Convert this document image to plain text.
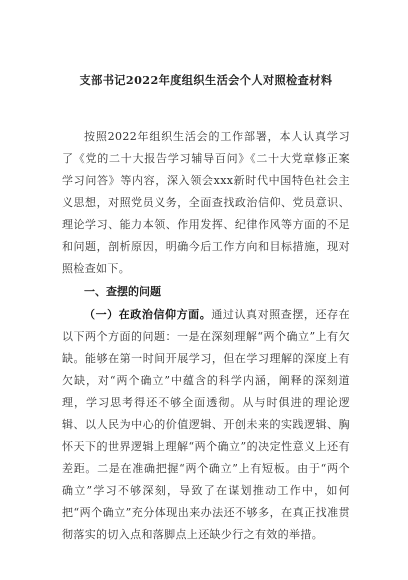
支部书记2022年度组织生活会个人对照检查材料

按照2022年组织生活会的工作部署，本人认真学习了《党的二十大报告学习辅导百问》《二十大党章修正案学习问答》等内容，深入领会xxx新时代中国特色社会主义思想，对照党员义务，全面查找政治信仰、党员意识、理论学习、能力本领、作用发挥、纪律作风等方面的不足和问题，剖析原因，明确今后工作方向和目标措施，现对照检查如下。

一、查摆的问题

（一）在政治信仰方面。通过认真对照查摆，还存在以下两个方面的问题：一是在深刻理解“两个确立”上有欠缺。能够在第一时间开展学习，但在学习理解的深度上有欠缺，对“两个确立”中蕴含的科学内涵，阐释的深刻道理，学习思考得还不够全面透彻。从与时俱进的理论逻辑、以人民为中心的价值逻辑、开创未来的实践逻辑、胸怀天下的世界逻辑上理解“两个确立”的决定性意义上还有差距。二是在准确把握“两个确立”上有短板。由于“两个确立”学习不够深刻，导致了在谋划推动工作中，如何把“两个确立”充分体现出来办法还不够多，在真正找准贯彻落实的切入点和落脚点上还缺少行之有效的举措。
